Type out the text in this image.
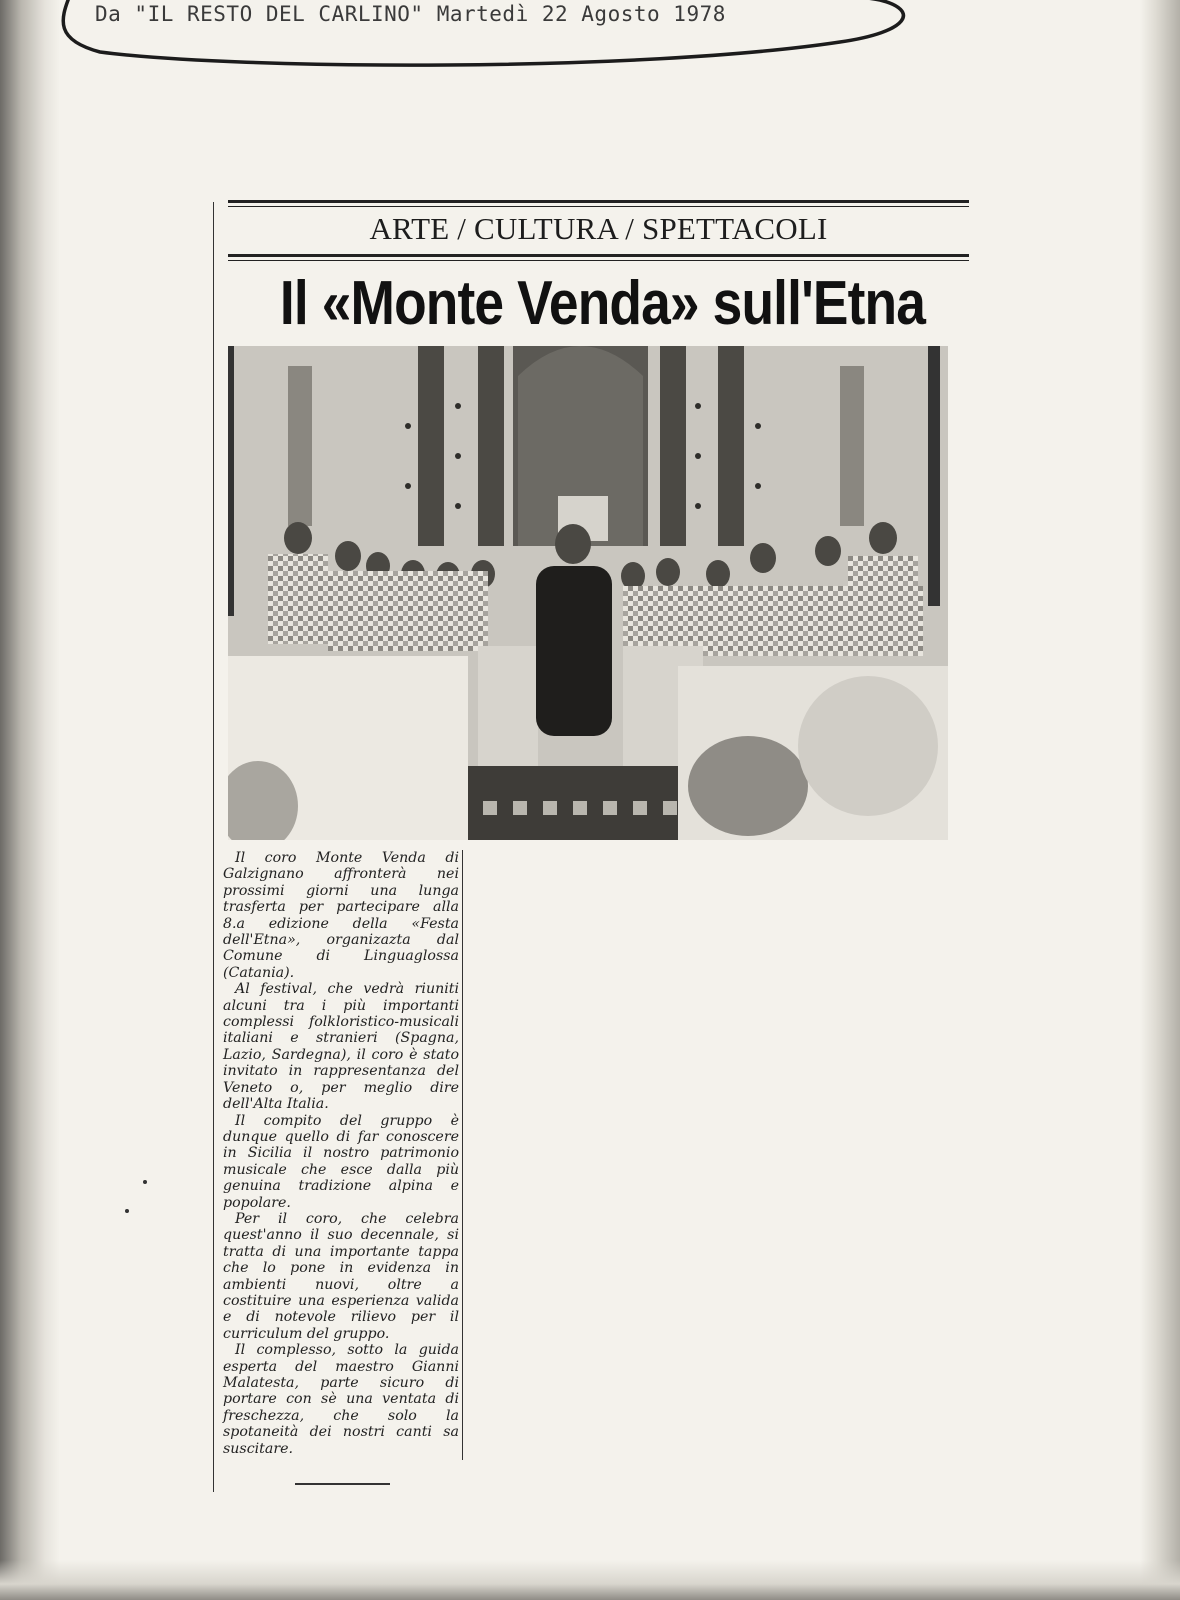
Da "IL RESTO DEL CARLINO" Martedì 22 Agosto 1978
ARTE / CULTURA / SPETTACOLI
Il «Monte Venda» sull'Etna

Il coro Monte Venda di Galzignano affronterà nei prossimi giorni una lunga trasferta per partecipare alla 8.a edizione della «Festa dell'Etna», organizazta dal Comune di Linguaglossa (Catania).

Al festival, che vedrà riuniti alcuni tra i più importanti complessi folkloristico-musicali italiani e stranieri (Spagna, Lazio, Sardegna), il coro è stato invitato in rappresentanza del Veneto o, per meglio dire dell'Alta Italia.

Il compito del gruppo è dunque quello di far conoscere in Sicilia il nostro patrimonio musicale che esce dalla più genuina tradizione alpina e popolare.

Per il coro, che celebra quest'anno il suo decennale, si tratta di una importante tappa che lo pone in evidenza in ambienti nuovi, oltre a costituire una esperienza valida e di notevole rilievo per il curriculum del gruppo.

Il complesso, sotto la guida esperta del maestro Gianni Malatesta, parte sicuro di portare con sè una ventata di freschezza, che solo la spotaneità dei nostri canti sa suscitare.
